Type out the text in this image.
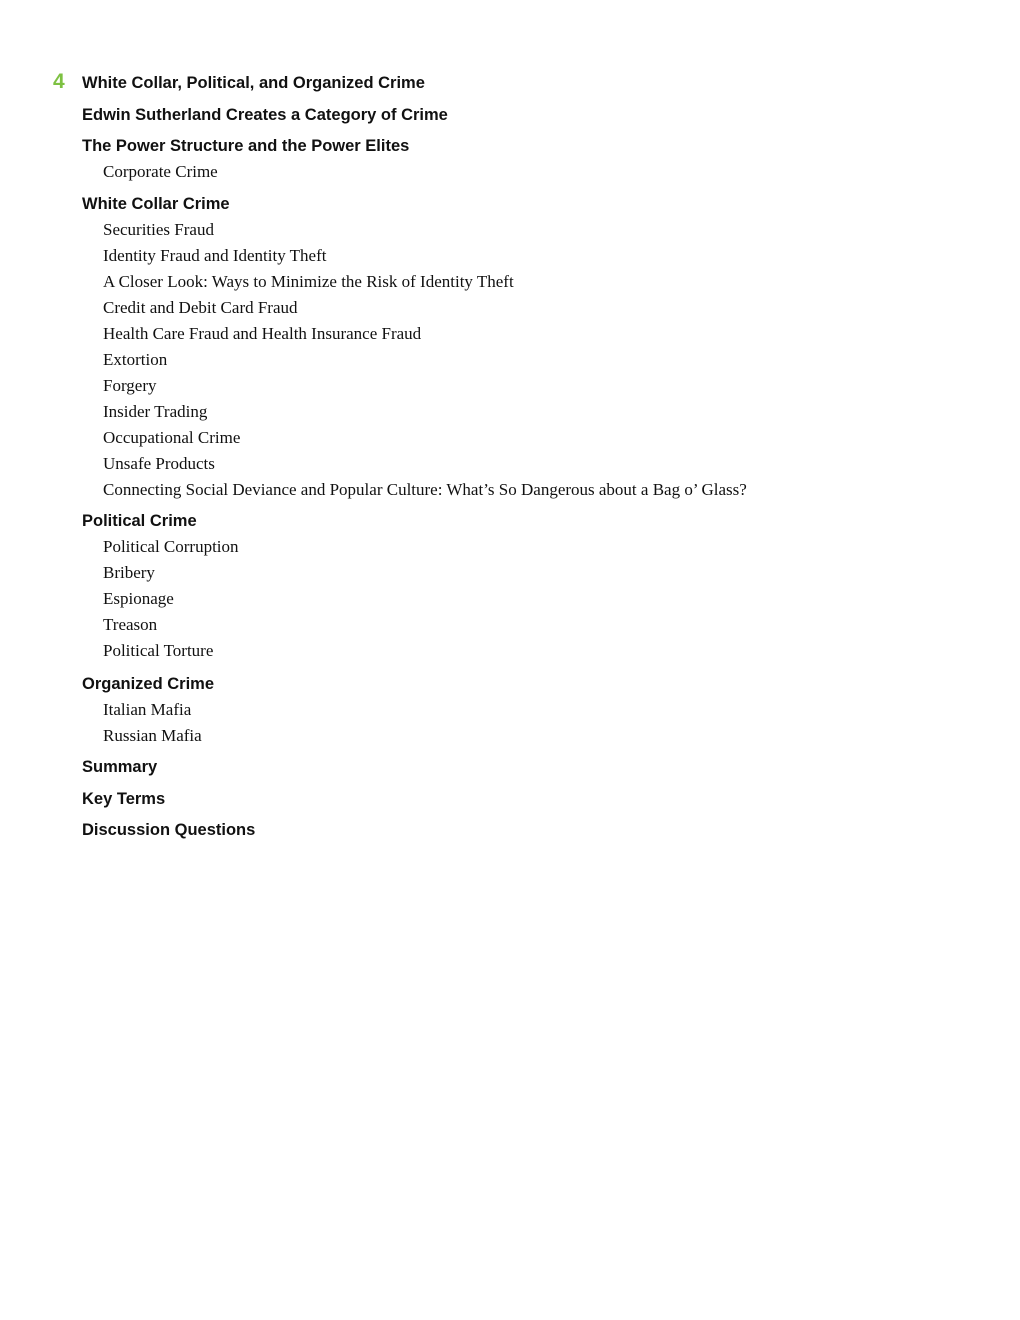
4 White Collar, Political, and Organized Crime
Edwin Sutherland Creates a Category of Crime
The Power Structure and the Power Elites
Corporate Crime
White Collar Crime
Securities Fraud
Identity Fraud and Identity Theft
A Closer Look: Ways to Minimize the Risk of Identity Theft
Credit and Debit Card Fraud
Health Care Fraud and Health Insurance Fraud
Extortion
Forgery
Insider Trading
Occupational Crime
Unsafe Products
Connecting Social Deviance and Popular Culture: What’s So Dangerous about a Bag o’ Glass?
Political Crime
Political Corruption
Bribery
Espionage
Treason
Political Torture
Organized Crime
Italian Mafia
Russian Mafia
Summary
Key Terms
Discussion Questions
